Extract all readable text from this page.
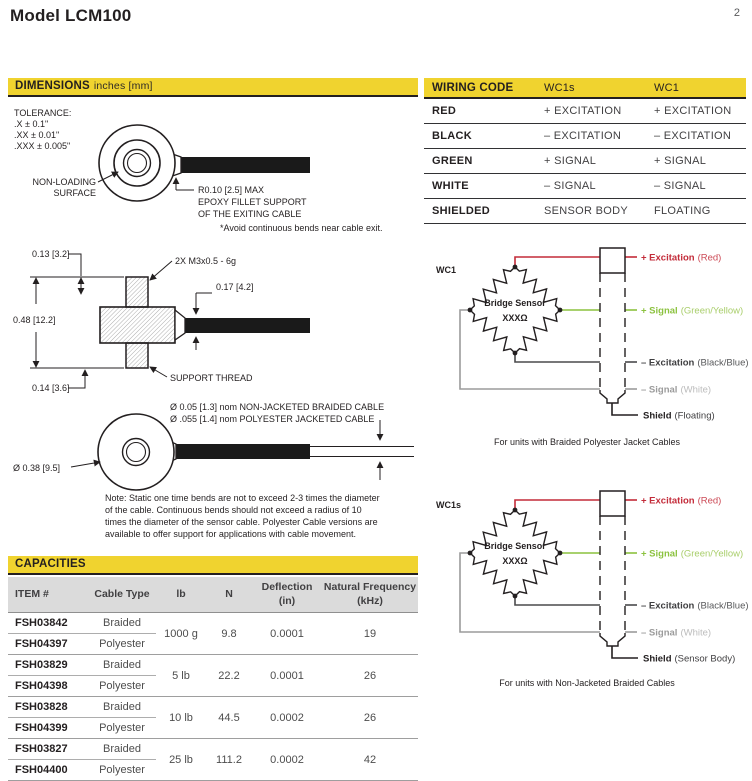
Model LCM100	2
DIMENSIONS inches [mm]
TOLERANCE:
.X ± 0.1"
.XX ± 0.01"
.XXX ± 0.005"
NON-LOADING
SURFACE	R0.10 [2.5] MAX
EPOXY FILLET SUPPORT
OF THE EXITING CABLE
*Avoid continuous bends near cable exit.
0.48 [12.2]
0.13 [3.2]
0.14 [3.6]
2X M3x0.5 - 6g
0.17 [4.2]
SUPPORT THREAD
Ø 0.05 [1.3] nom NON-JACKETED BRAIDED CABLE
Ø .055 [1.4] nom POLYESTER JACKETED CABLE
Ø 0.38 [9.5]
Note: Static one time bends are not to exceed 2-3 times the diameter
of the cable. Continuous bends should not exceed a radius of 10
times the diameter of the sensor cable. Polyester Cable versions are
available to offer support for applications with cable movement.
WIRING CODE	WC1s	WC1
RED	+ EXCITATION	+ EXCITATION
BLACK	– EXCITATION	– EXCITATION
GREEN	+ SIGNAL	+ SIGNAL
WHITE	– SIGNAL	– SIGNAL
SHIELDED	SENSOR BODY	FLOATING
WC1
Bridge Sensor
XXXΩ
+ Excitation (Red)
+ Signal (Green/Yellow)
– Excitation (Black/Blue)
– Signal (White)
Shield (Floating)
For units with Braided Polyester Jacket Cables
WC1s
Bridge Sensor
XXXΩ
+ Excitation (Red)
+ Signal (Green/Yellow)
– Excitation (Black/Blue)
– Signal (White)
Shield (Sensor Body)
For units with Non-Jacketed Braided Cables
CAPACITIES
ITEM #	Cable Type	lb	N

Deflection
(in)

Natural Frequency
(kHz)

FSH03842	Braided	1000 g	9.8	0.0001	19
FSH04397	Polyester				
FSH03829	Braided	5 lb	22.2	0.0001	26
FSH04398	Polyester				
FSH03828	Braided	10 lb	44.5	0.0002	26
FSH04399	Polyester				
FSH03827	Braided	25 lb	111.2	0.0002	42
FSH04400	Polyester				
